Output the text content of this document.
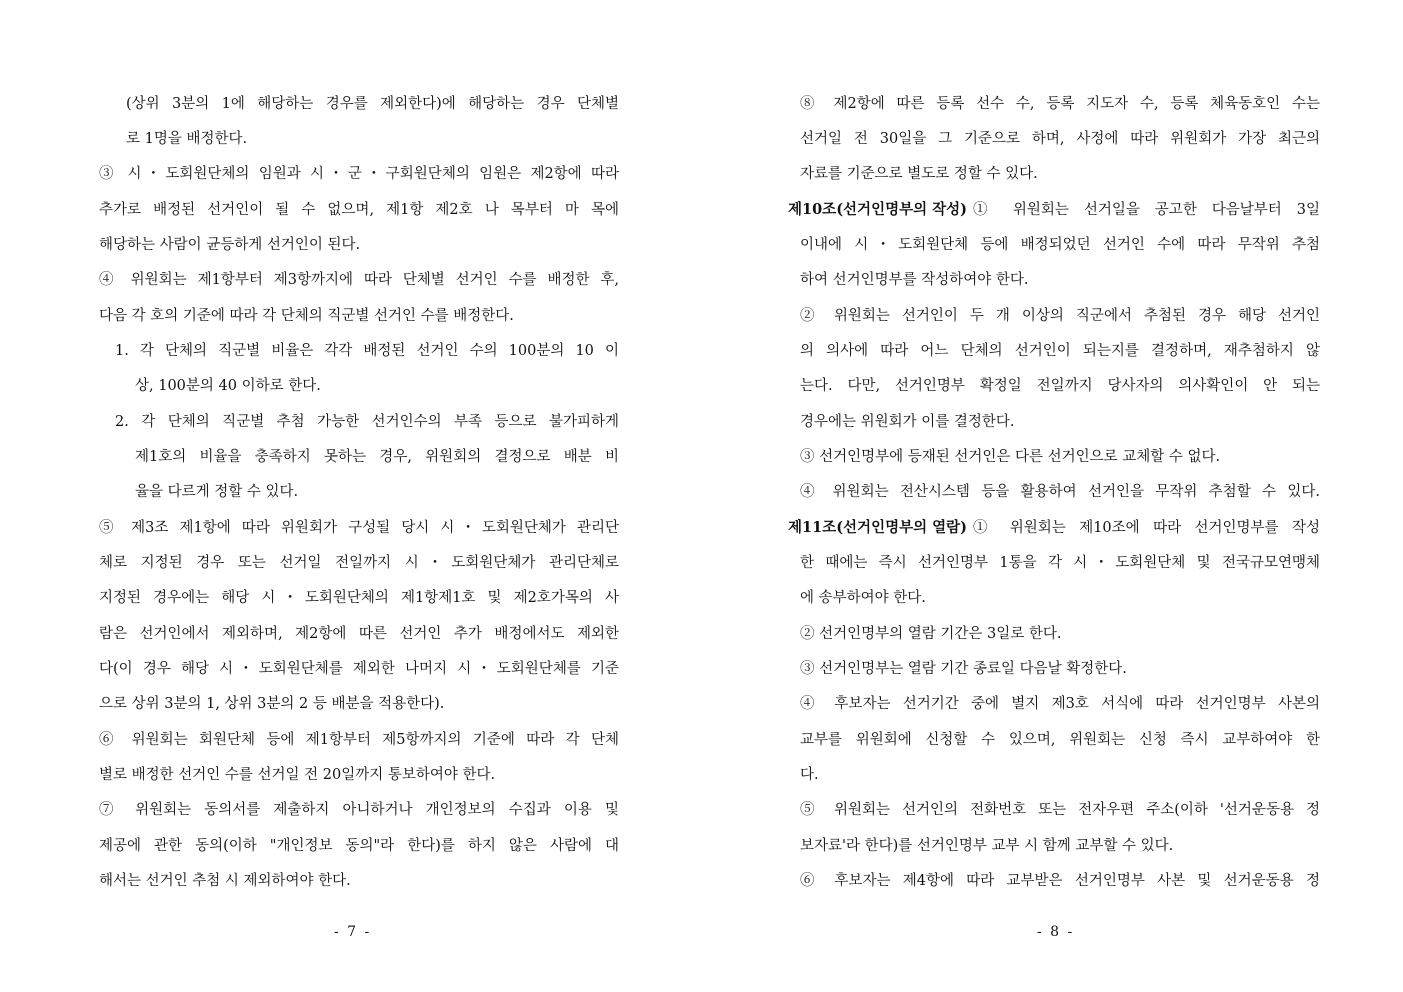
(상위 3분의 1에 해당하는 경우를 제외한다)에 해당하는 경우 단체별
로 1명을 배정한다.
③ 시・도회원단체의 임원과 시・군・구회원단체의 임원은 제2항에 따라
추가로 배정된 선거인이 될 수 없으며, 제1항 제2호 나 목부터 마 목에
해당하는 사람이 균등하게 선거인이 된다.
④ 위원회는 제1항부터 제3항까지에 따라 단체별 선거인 수를 배정한 후,
다음 각 호의 기준에 따라 각 단체의 직군별 선거인 수를 배정한다.
1. 각 단체의 직군별 비율은 각각 배정된 선거인 수의 100분의 10 이
상, 100분의 40 이하로 한다.
2. 각 단체의 직군별 추첨 가능한 선거인수의 부족 등으로 불가피하게
제1호의 비율을 충족하지 못하는 경우, 위원회의 결정으로 배분 비
율을 다르게 정할 수 있다.
⑤ 제3조 제1항에 따라 위원회가 구성될 당시 시・도회원단체가 관리단
체로 지정된 경우 또는 선거일 전일까지 시・도회원단체가 관리단체로
지정된 경우에는 해당 시・도회원단체의 제1항제1호 및 제2호가목의 사
람은 선거인에서 제외하며, 제2항에 따른 선거인 추가 배정에서도 제외한
다(이 경우 해당 시・도회원단체를 제외한 나머지 시・도회원단체를 기준
으로 상위 3분의 1, 상위 3분의 2 등 배분을 적용한다).
⑥ 위원회는 회원단체 등에 제1항부터 제5항까지의 기준에 따라 각 단체
별로 배정한 선거인 수를 선거일 전 20일까지 통보하여야 한다.
⑦ 위원회는 동의서를 제출하지 아니하거나 개인정보의 수집과 이용 및
제공에 관한 동의(이하 "개인정보 동의"라 한다)를 하지 않은 사람에 대
해서는 선거인 추첨 시 제외하여야 한다.
- 7 -
⑧ 제2항에 따른 등록 선수 수, 등록 지도자 수, 등록 체육동호인 수는
선거일 전 30일을 그 기준으로 하며, 사정에 따라 위원회가 가장 최근의
자료를 기준으로 별도로 정할 수 있다.
제10조(선거인명부의 작성) ① 위원회는 선거일을 공고한 다음날부터 3일
이내에 시・도회원단체 등에 배정되었던 선거인 수에 따라 무작위 추첨
하여 선거인명부를 작성하여야 한다.
② 위원회는 선거인이 두 개 이상의 직군에서 추첨된 경우 해당 선거인
의 의사에 따라 어느 단체의 선거인이 되는지를 결정하며, 재추첨하지 않
는다. 다만, 선거인명부 확정일 전일까지 당사자의 의사확인이 안 되는
경우에는 위원회가 이를 결정한다.
③ 선거인명부에 등재된 선거인은 다른 선거인으로 교체할 수 없다.
④ 위원회는 전산시스템 등을 활용하여 선거인을 무작위 추첨할 수 있다.
제11조(선거인명부의 열람) ① 위원회는 제10조에 따라 선거인명부를 작성
한 때에는 즉시 선거인명부 1통을 각 시・도회원단체 및 전국규모연맹체
에 송부하여야 한다.
② 선거인명부의 열람 기간은 3일로 한다.
③ 선거인명부는 열람 기간 종료일 다음날 확정한다.
④ 후보자는 선거기간 중에 별지 제3호 서식에 따라 선거인명부 사본의
교부를 위원회에 신청할 수 있으며, 위원회는 신청 즉시 교부하여야 한
다.
⑤ 위원회는 선거인의 전화번호 또는 전자우편 주소(이하 '선거운동용 정
보자료'라 한다)를 선거인명부 교부 시 함께 교부할 수 있다.
⑥ 후보자는 제4항에 따라 교부받은 선거인명부 사본 및 선거운동용 정
- 8 -
